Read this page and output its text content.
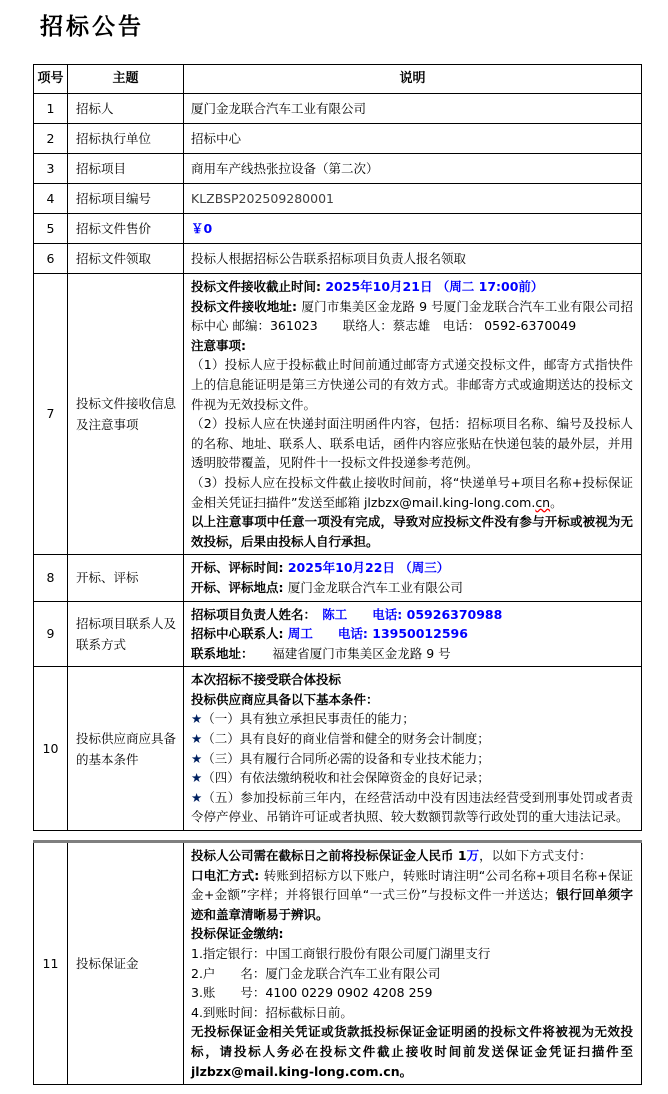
招标公告
项号	主题	说明
1	招标人	厦门金龙联合汽车工业有限公司

2	招标执行单位	招标中心

3	招标项目	商用车产线热张拉设备（第二次）

4	招标项目编号	KLZBSP202509280001

5	招标文件售价	￥0

6	招标文件领取	投标人根据招标公告联系招标项目负责人报名领取

7	投标文件接收信息及注意事项	

投标文件接收截止时间: 2025年10月21日 （周二 17:00前）

投标文件接收地址: 厦门市集美区金龙路 9 号厦门金龙联合汽车工业有限公司招标中心 邮编：361023　　联络人：蔡志雄　电话： 0592-6370049

注意事项:

（1）投标人应于投标截止时间前通过邮寄方式递交投标文件，邮寄方式指快件上的信息能证明是第三方快递公司的有效方式。非邮寄方式或逾期送达的投标文件视为无效投标文件。

（2）投标人应在快递封面注明函件内容，包括：招标项目名称、编号及投标人的名称、地址、联系人、联系电话，函件内容应张贴在快递包装的最外层，并用透明胶带覆盖，见附件十一投标文件投递参考范例。

（3）投标人应在投标文件截止接收时间前，将“快递单号+项目名称+投标保证金相关凭证扫描件”发送至邮箱 jlzbzx@mail.king-long.com.cn。

以上注意事项中任意一项没有完成，导致对应投标文件没有参与开标或被视为无效投标，后果由投标人自行承担。

8	开标、评标	开标、评标时间: 2025年10月22日 （周三）

开标、评标地点: 厦门金龙联合汽车工业有限公司

9	招标项目联系人及联系方式	招标项目负责人姓名：　陈工　　 电话: 05926370988

招标中心联系人: 周工　　 电话: 13950012596

联系地址：　　福建省厦门市集美区金龙路 9 号

10	投标供应商应具备的基本条件	

本次招标不接受联合体投标

投标供应商应具备以下基本条件：

★（一）具有独立承担民事责任的能力；

★（二）具有良好的商业信誉和健全的财务会计制度；

★（三）具有履行合同所必需的设备和专业技术能力；

★（四）有依法缴纳税收和社会保障资金的良好记录；

★（五）参加投标前三年内，在经营活动中没有因违法经营受到刑事处罚或者责令停产停业、吊销许可证或者执照、较大数额罚款等行政处罚的重大违法记录。

11	投标保证金	

投标人公司需在截标日之前将投标保证金人民币 1万，以如下方式支付：

口电汇方式: 转账到招标方以下账户，转账时请注明“公司名称+项目名称+保证金+金额”字样；并将银行回单“一式三份”与投标文件一并送达；银行回单须字迹和盖章清晰易于辨识。

投标保证金缴纳:

1.指定银行：中国工商银行股份有限公司厦门湖里支行

2.户　　名：厦门金龙联合汽车工业有限公司

3.账　　号：4100 0229 0902 4208 259

4.到账时间：招标截标日前。

无投标保证金相关凭证或货款抵投标保证金证明函的投标文件将被视为无效投标，请投标人务必在投标文件截止接收时间前发送保证金凭证扫描件至 jlzbzx@mail.king-long.com.cn。
